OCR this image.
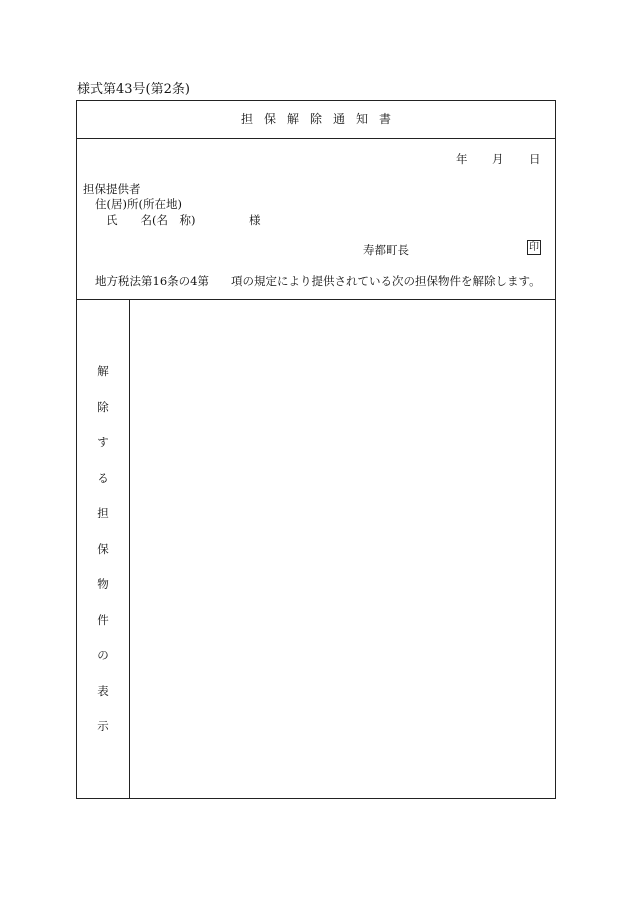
様式第43号(第2条)
担保解除通知書
年 月 日
担保提供者
住(居)所(所在地)
氏　　名(名　称)	様
寿都町長	印
地方税法第16条の4第 項の規定により提供されている次の担保物件を解除します。
解
除
す
る
担
保
物
件
の
表
示
